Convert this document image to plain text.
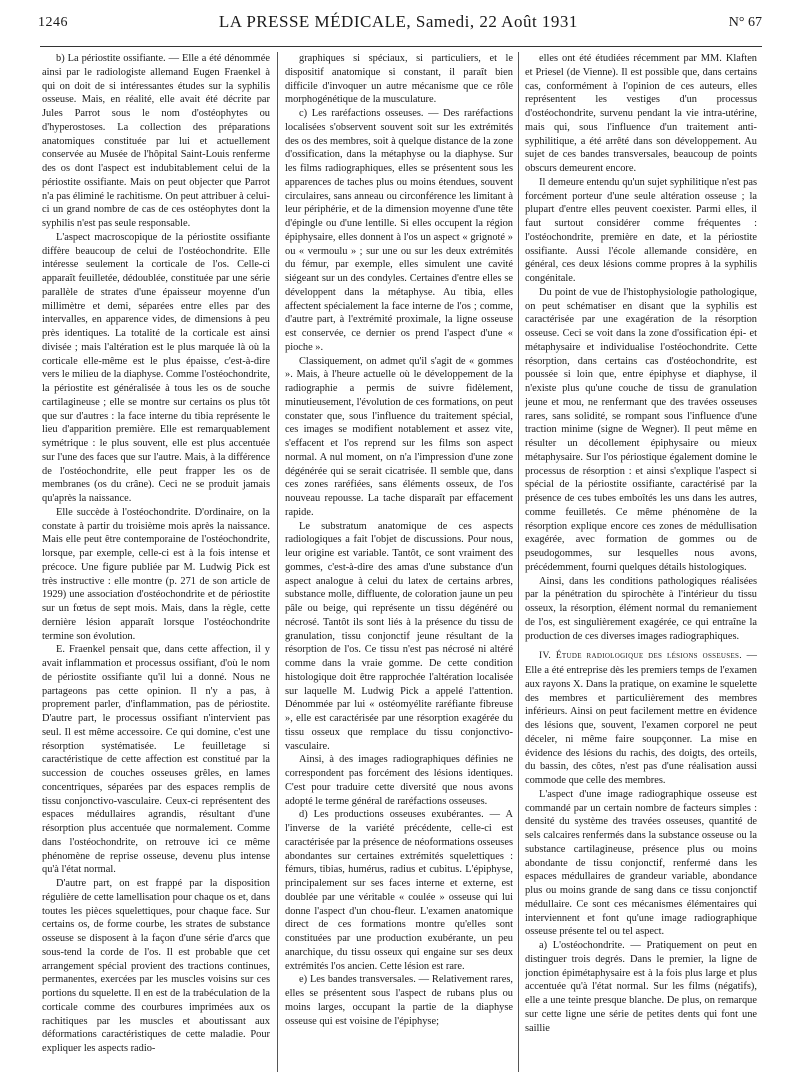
1246	LA PRESSE MÉDICALE, Samedi, 22 Août 1931	N° 67

b) La périostite ossifiante. — Elle a été dénommée ainsi par le radiologiste allemand Eugen Fraenkel à qui on doit de si intéressantes études sur la syphilis osseuse. Mais, en réalité, elle avait été décrite par Jules Parrot sous le nom d'ostéophytes ou d'hyperostoses. La collection des préparations anatomiques constituée par lui et actuellement conservée au Musée de l'hôpital Saint-Louis renferme des os dont l'aspect est indubitablement celui de la périostite ossifiante. Mais on peut objecter que Parrot n'a pas éliminé le rachitisme. On peut attribuer à celui-ci un grand nombre de cas de ces ostéophytes dont la syphilis n'est pas seule responsable.

L'aspect macroscopique de la périostite ossifiante diffère beaucoup de celui de l'ostéochondrite. Elle intéresse seulement la corticale de l'os. Celle-ci apparaît feuilletée, dédoublée, constituée par une série parallèle de strates d'une épaisseur moyenne d'un millimètre et demi, séparées entre elles par des intervalles, en apparence vides, de dimensions à peu près identiques. La totalité de la corticale est ainsi divisée ; mais l'altération est le plus marquée là où la corticale elle-même est le plus épaisse, c'est-à-dire vers le milieu de la diaphyse. Comme l'ostéochondrite, la périostite est généralisée à tous les os de souche cartilagineuse ; elle se montre sur certains os plus tôt que sur d'autres : la face interne du tibia représente le lieu d'apparition première. Elle est remarquablement symétrique : le plus souvent, elle est plus accentuée sur l'une des faces que sur l'autre. Mais, à la différence de l'ostéochondrite, elle peut frapper les os de membranes (os du crâne). Ceci ne se produit jamais qu'après la naissance.

Elle succède à l'ostéochondrite. D'ordinaire, on la constate à partir du troisième mois après la naissance. Mais elle peut être contemporaine de l'ostéochondrite, lorsque, par exemple, celle-ci est à la fois intense et précoce. Une figure publiée par M. Ludwig Pick est très instructive : elle montre (p. 271 de son article de 1929) une association d'ostéochondrite et de périostite sur un fœtus de sept mois. Mais, dans la règle, cette dernière lésion apparaît lorsque l'ostéochondrite termine son évolution.

E. Fraenkel pensait que, dans cette affection, il y avait inflammation et processus ossifiant, d'où le nom de périostite ossifiante qu'il lui a donné. Nous ne partageons pas cette opinion. Il n'y a pas, à proprement parler, d'inflammation, pas de périostite. D'autre part, le processus ossifiant n'intervient pas seul. Il est même accessoire. Ce qui domine, c'est une résorption systématisée. Le feuilletage si caractéristique de cette affection est constitué par la succession de couches osseuses grêles, en lames concentriques, séparées par des espaces remplis de tissu conjonctivo-vasculaire. Ceux-ci représentent des espaces médullaires agrandis, résultant d'une résorption plus accentuée que normalement. Comme dans l'ostéochondrite, on retrouve ici ce même phénomène de reprise osseuse, devenu plus intense qu'à l'état normal.

D'autre part, on est frappé par la disposition régulière de cette lamellisation pour chaque os et, dans toutes les pièces squelettiques, pour chaque face. Sur certains os, de forme courbe, les strates de substance osseuse se disposent à la façon d'une série d'arcs que sous-tend la corde de l'os. Il est probable que cet arrangement spécial provient des tractions continues, permanentes, exercées par les muscles voisins sur ces portions du squelette. Il en est de la trabéculation de la corticale comme des courbures imprimées aux os rachitiques par les muscles et aboutissant aux déformations caractéristiques de cette maladie. Pour expliquer les aspects radio-

graphiques si spéciaux, si particuliers, et le dispositif anatomique si constant, il paraît bien difficile d'invoquer un autre mécanisme que ce rôle morphogénétique de la musculature.

c) Les raréfactions osseuses. — Des raréfactions localisées s'observent souvent soit sur les extrémités des os des membres, soit à quelque distance de la zone d'ossification, dans la métaphyse ou la diaphyse. Sur les films radiographiques, elles se présentent sous les apparences de taches plus ou moins étendues, souvent circulaires, sans anneau ou circonférence les limitant à leur périphérie, et de la dimension moyenne d'une tête d'épingle ou d'une lentille. Si elles occupent la région épiphysaire, elles donnent à l'os un aspect « grignoté » ou « vermoulu » ; sur une ou sur les deux extrémités du fémur, par exemple, elles simulent une cavité siégeant sur un des condyles. Certaines d'entre elles se développent dans la métaphyse. Au tibia, elles affectent spécialement la face interne de l'os ; comme, d'autre part, à l'extrémité proximale, la ligne osseuse est conservée, ce dernier os prend l'aspect d'une « pioche ».

Classiquement, on admet qu'il s'agit de « gommes ». Mais, à l'heure actuelle où le développement de la radiographie a permis de suivre fidèlement, minutieusement, l'évolution de ces formations, on peut constater que, sous l'influence du traitement spécial, ces images se modifient notablement et assez vite, s'effacent et l'os reprend sur les films son aspect normal. A nul moment, on n'a l'impression d'une zone dégénérée qui se serait cicatrisée. Il semble que, dans ces zones raréfiées, sans éléments osseux, de l'os nouveau repousse. La tache disparaît par effacement rapide.

Le substratum anatomique de ces aspects radiologiques a fait l'objet de discussions. Pour nous, leur origine est variable. Tantôt, ce sont vraiment des gommes, c'est-à-dire des amas d'une substance d'un aspect analogue à celui du latex de certains arbres, substance molle, diffluente, de coloration jaune un peu pâle ou beige, qui représente un tissu dégénéré ou nécrosé. Tantôt ils sont liés à la présence du tissu de granulation, tissu conjonctif jeune résultant de la résorption de l'os. Ce tissu n'est pas nécrosé ni altéré comme dans la vraie gomme. De cette condition histologique doit être rapprochée l'altération localisée sur laquelle M. Ludwig Pick a appelé l'attention. Dénommée par lui « ostéomyélite raréfiante fibreuse », elle est caractérisée par une résorption exagérée du tissu osseux que remplace du tissu conjonctivo-vasculaire.

Ainsi, à des images radiographiques définies ne correspondent pas forcément des lésions identiques. C'est pour traduire cette diversité que nous avons adopté le terme général de raréfactions osseuses.

d) Les productions osseuses exubérantes. — A l'inverse de la variété précédente, celle-ci est caractérisée par la présence de néoformations osseuses abondantes sur certaines extrémités squelettiques : fémurs, tibias, humérus, radius et cubitus. L'épiphyse, principalement sur ses faces interne et externe, est doublée par une véritable « coulée » osseuse qui lui donne l'aspect d'un chou-fleur. L'examen anatomique direct de ces formations montre qu'elles sont constituées par une production exubérante, un peu anarchique, du tissu osseux qui engaine sur ses deux extrémités l'os ancien. Cette lésion est rare.

e) Les bandes transversales. — Relativement rares, elles se présentent sous l'aspect de rubans plus ou moins larges, occupant la partie de la diaphyse osseuse qui est voisine de l'épiphyse;

elles ont été étudiées récemment par MM. Klaften et Priesel (de Vienne). Il est possible que, dans certains cas, conformément à l'opinion de ces auteurs, elles représentent les vestiges d'un processus d'ostéochondrite, survenu pendant la vie intra-utérine, mais qui, sous l'influence d'un traitement anti-syphilitique, a été arrêté dans son développement. Au sujet de ces bandes transversales, beaucoup de points obscurs demeurent encore.

Il demeure entendu qu'un sujet syphilitique n'est pas forcément porteur d'une seule altération osseuse ; la plupart d'entre elles peuvent coexister. Parmi elles, il faut surtout considérer comme fréquentes : l'ostéochondrite, première en date, et la périostite ossifiante. Aussi l'école allemande considère, en général, ces deux lésions comme propres à la syphilis congénitale.

Du point de vue de l'histophysiologie pathologique, on peut schématiser en disant que la syphilis est caractérisée par une exagération de la résorption osseuse. Ceci se voit dans la zone d'ossification épi- et métaphysaire et individualise l'ostéochondrite. Cette résorption, dans certains cas d'ostéochondrite, est poussée si loin que, entre épiphyse et diaphyse, il n'existe plus qu'une couche de tissu de granulation jeune et mou, ne renfermant que des travées osseuses rares, sans solidité, se rompant sous l'influence d'une traction minime (signe de Wegner). Il peut même en résulter un décollement épiphysaire ou mieux métaphysaire. Sur l'os périostique également domine le processus de résorption : et ainsi s'explique l'aspect si spécial de la périostite ossifiante, caractérisé par la présence de ces tubes emboîtés les uns dans les autres, comme feuilletés. Ce même phénomène de la résorption explique encore ces zones de médullisation exagérée, avec formation de gommes ou de pseudogommes, sur lesquelles nous avons, précédemment, fourni quelques détails histologiques.

Ainsi, dans les conditions pathologiques réalisées par la pénétration du spirochète à l'intérieur du tissu osseux, la résorption, élément normal du remaniement de l'os, est singulièrement exagérée, ce qui entraîne la production de ces diverses images radiographiques.

IV. Étude radiologique des lésions osseuses. — Elle a été entreprise dès les premiers temps de l'examen aux rayons X. Dans la pratique, on examine le squelette des membres et particulièrement des membres inférieurs. Ainsi on peut facilement mettre en évidence des lésions que, souvent, l'examen corporel ne peut déceler, ni même faire soupçonner. La mise en évidence des lésions du rachis, des doigts, des orteils, du bassin, des côtes, n'est pas d'une réalisation aussi commode que celle des membres.

L'aspect d'une image radiographique osseuse est commandé par un certain nombre de facteurs simples : densité du système des travées osseuses, quantité de sels calcaires renfermés dans la substance osseuse ou la substance cartilagineuse, présence plus ou moins abondante de tissu conjonctif, renfermé dans les espaces médullaires de grandeur variable, abondance plus ou moins grande de sang dans ce tissu conjonctif médullaire. Ce sont ces mécanismes élémentaires qui interviennent et font qu'une image radiographique osseuse présente tel ou tel aspect.

a) L'ostéochondrite. — Pratiquement on peut en distinguer trois degrés. Dans le premier, la ligne de jonction épimétaphysaire est à la fois plus large et plus accentuée qu'à l'état normal. Sur les films (négatifs), elle a une teinte presque blanche. De plus, on remarque sur cette ligne une série de petites dents qui font une saillie
